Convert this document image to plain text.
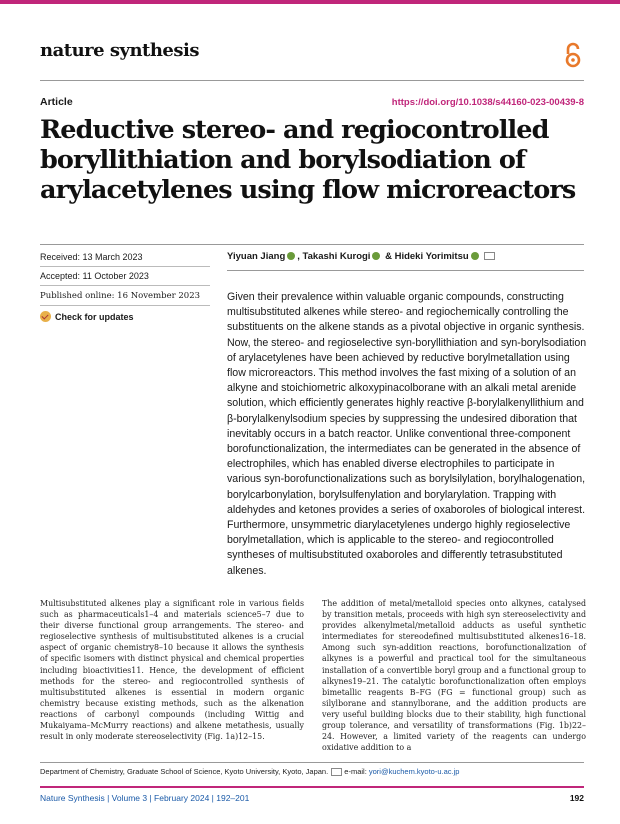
nature synthesis
Article	https://doi.org/10.1038/s44160-023-00439-8
Reductive stereo- and regiocontrolled
boryllithiation and borylsodiation of
arylacetylenes using flow microreactors
Received: 13 March 2023
Accepted: 11 October 2023
Published online: 16 November 2023
Check for updates
Yiyuan Jiang , Takashi Kurogi & Hideki Yorimitsu

Given their prevalence within valuable organic compounds, constructing multisubstituted alkenes while stereo- and regiochemically controlling the substituents on the alkene stands as a pivotal objective in organic synthesis. Now, the stereo- and regioselective syn-boryllithiation and syn-borylsodiation of arylacetylenes have been achieved by reductive borylmetallation using flow microreactors. This method involves the fast mixing of a solution of an alkyne and stoichiometric alkoxypinacolborane with an alkali metal arenide solution, which efficiently generates highly reactive β-borylalkenyllithium and β-borylalkenylsodium species by suppressing the undesired diboration that inevitably occurs in a batch reactor. Unlike conventional three-component borofunctionalization, the intermediates can be generated in the absence of electrophiles, which has enabled diverse electrophiles to participate in various syn-borofunctionalizations such as borylsilylation, borylhalogenation, borylcarbonylation, borylsulfenylation and borylarylation. Trapping with aldehydes and ketones provides a series of oxaboroles of biological interest. Furthermore, unsymmetric diarylacetylenes undergo highly regioselective borylmetallation, which is applicable to the stereo- and regiocontrolled syntheses of multisubstituted oxaboroles and differently tetrasubstituted alkenes.

Multisubstituted alkenes play a significant role in various fields such as pharmaceuticals1–4 and materials science5–7 due to their diverse functional group arrangements. The stereo- and regioselective synthesis of multisubstituted alkenes is a crucial aspect of organic chemistry8–10 because it allows the synthesis of specific isomers with distinct physical and chemical properties including bioactivities11. Hence, the development of efficient methods for the stereo- and regiocontrolled synthesis of multisubstituted alkenes is essential in modern organic chemistry because existing methods, such as the alkenation reactions of carbonyl compounds (including Wittig and Mukaiyama–McMurry reactions) and alkene metathesis, usually result in only moderate stereoselectivity (Fig. 1a)12–15.

The addition of metal/metalloid species onto alkynes, catalysed by transition metals, proceeds with high syn stereoselectivity and provides alkenylmetal/metalloid adducts as useful synthetic intermediates for stereodefined multisubstituted alkenes16–18. Among such syn-addition reactions, borofunctionalization of alkynes is a powerful and practical tool for the simultaneous installation of a convertible boryl group and a functional group to alkynes19–21. The catalytic borofunctionalization often employs bimetallic reagents B–FG (FG = functional group) such as silylborane and stannylborane, and the addition products are very useful building blocks due to their stability, high functional group tolerance, and versatility of transformations (Fig. 1b)22–24. However, a limited variety of the reagents can undergo oxidative addition to a

Department of Chemistry, Graduate School of Science, Kyoto University, Kyoto, Japan. e-mail: yori@kuchem.kyoto-u.ac.jp
Nature Synthesis | Volume 3 | February 2024 | 192–201	192
